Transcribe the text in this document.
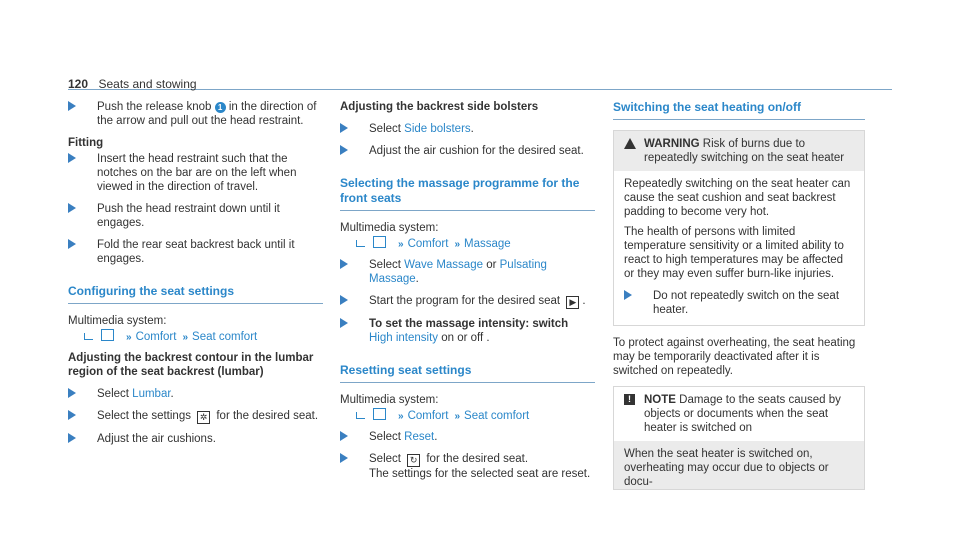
120 Seats and stowing
Push the release knob 1 in the direction of the arrow and pull out the head restraint.
Fitting
Insert the head restraint such that the notches on the bar are on the left when viewed in the direction of travel.
Push the head restraint down until it engages.
Fold the rear seat backrest back until it engages.
Configuring the seat settings
Multimedia system:
» Comfort » Seat comfort
Adjusting the backrest contour in the lumbar region of the seat backrest (lumbar)
Select Lumbar.
Select the settings ✲ for the desired seat.
Adjust the air cushions.
Adjusting the backrest side bolsters
Select Side bolsters.
Adjust the air cushion for the desired seat.
Selecting the massage programme for the front seats
Multimedia system:
» Comfort » Massage
Select Wave Massage or Pulsating Massage.
Start the program for the desired seat ▶ .
To set the massage intensity: switch High intensity on or off .
Resetting seat settings
Multimedia system:
» Comfort » Seat comfort
Select Reset.
Select ↻ for the desired seat.
The settings for the selected seat are reset.
Switching the seat heating on/off
WARNING Risk of burns due to repeatedly switching on the seat heater

Repeatedly switching on the seat heater can cause the seat cushion and seat backrest padding to become very hot.

The health of persons with limited temperature sensitivity or a limited ability to react to high temperatures may be affected or they may even suffer burn-like injuries.

Do not repeatedly switch on the seat heater.

To protect against overheating, the seat heating may be temporarily deactivated after it is switched on repeatedly.

!	NOTE Damage to the seats caused by objects or documents when the seat heater is switched on
When the seat heater is switched on, overheating may occur due to objects or docu-
